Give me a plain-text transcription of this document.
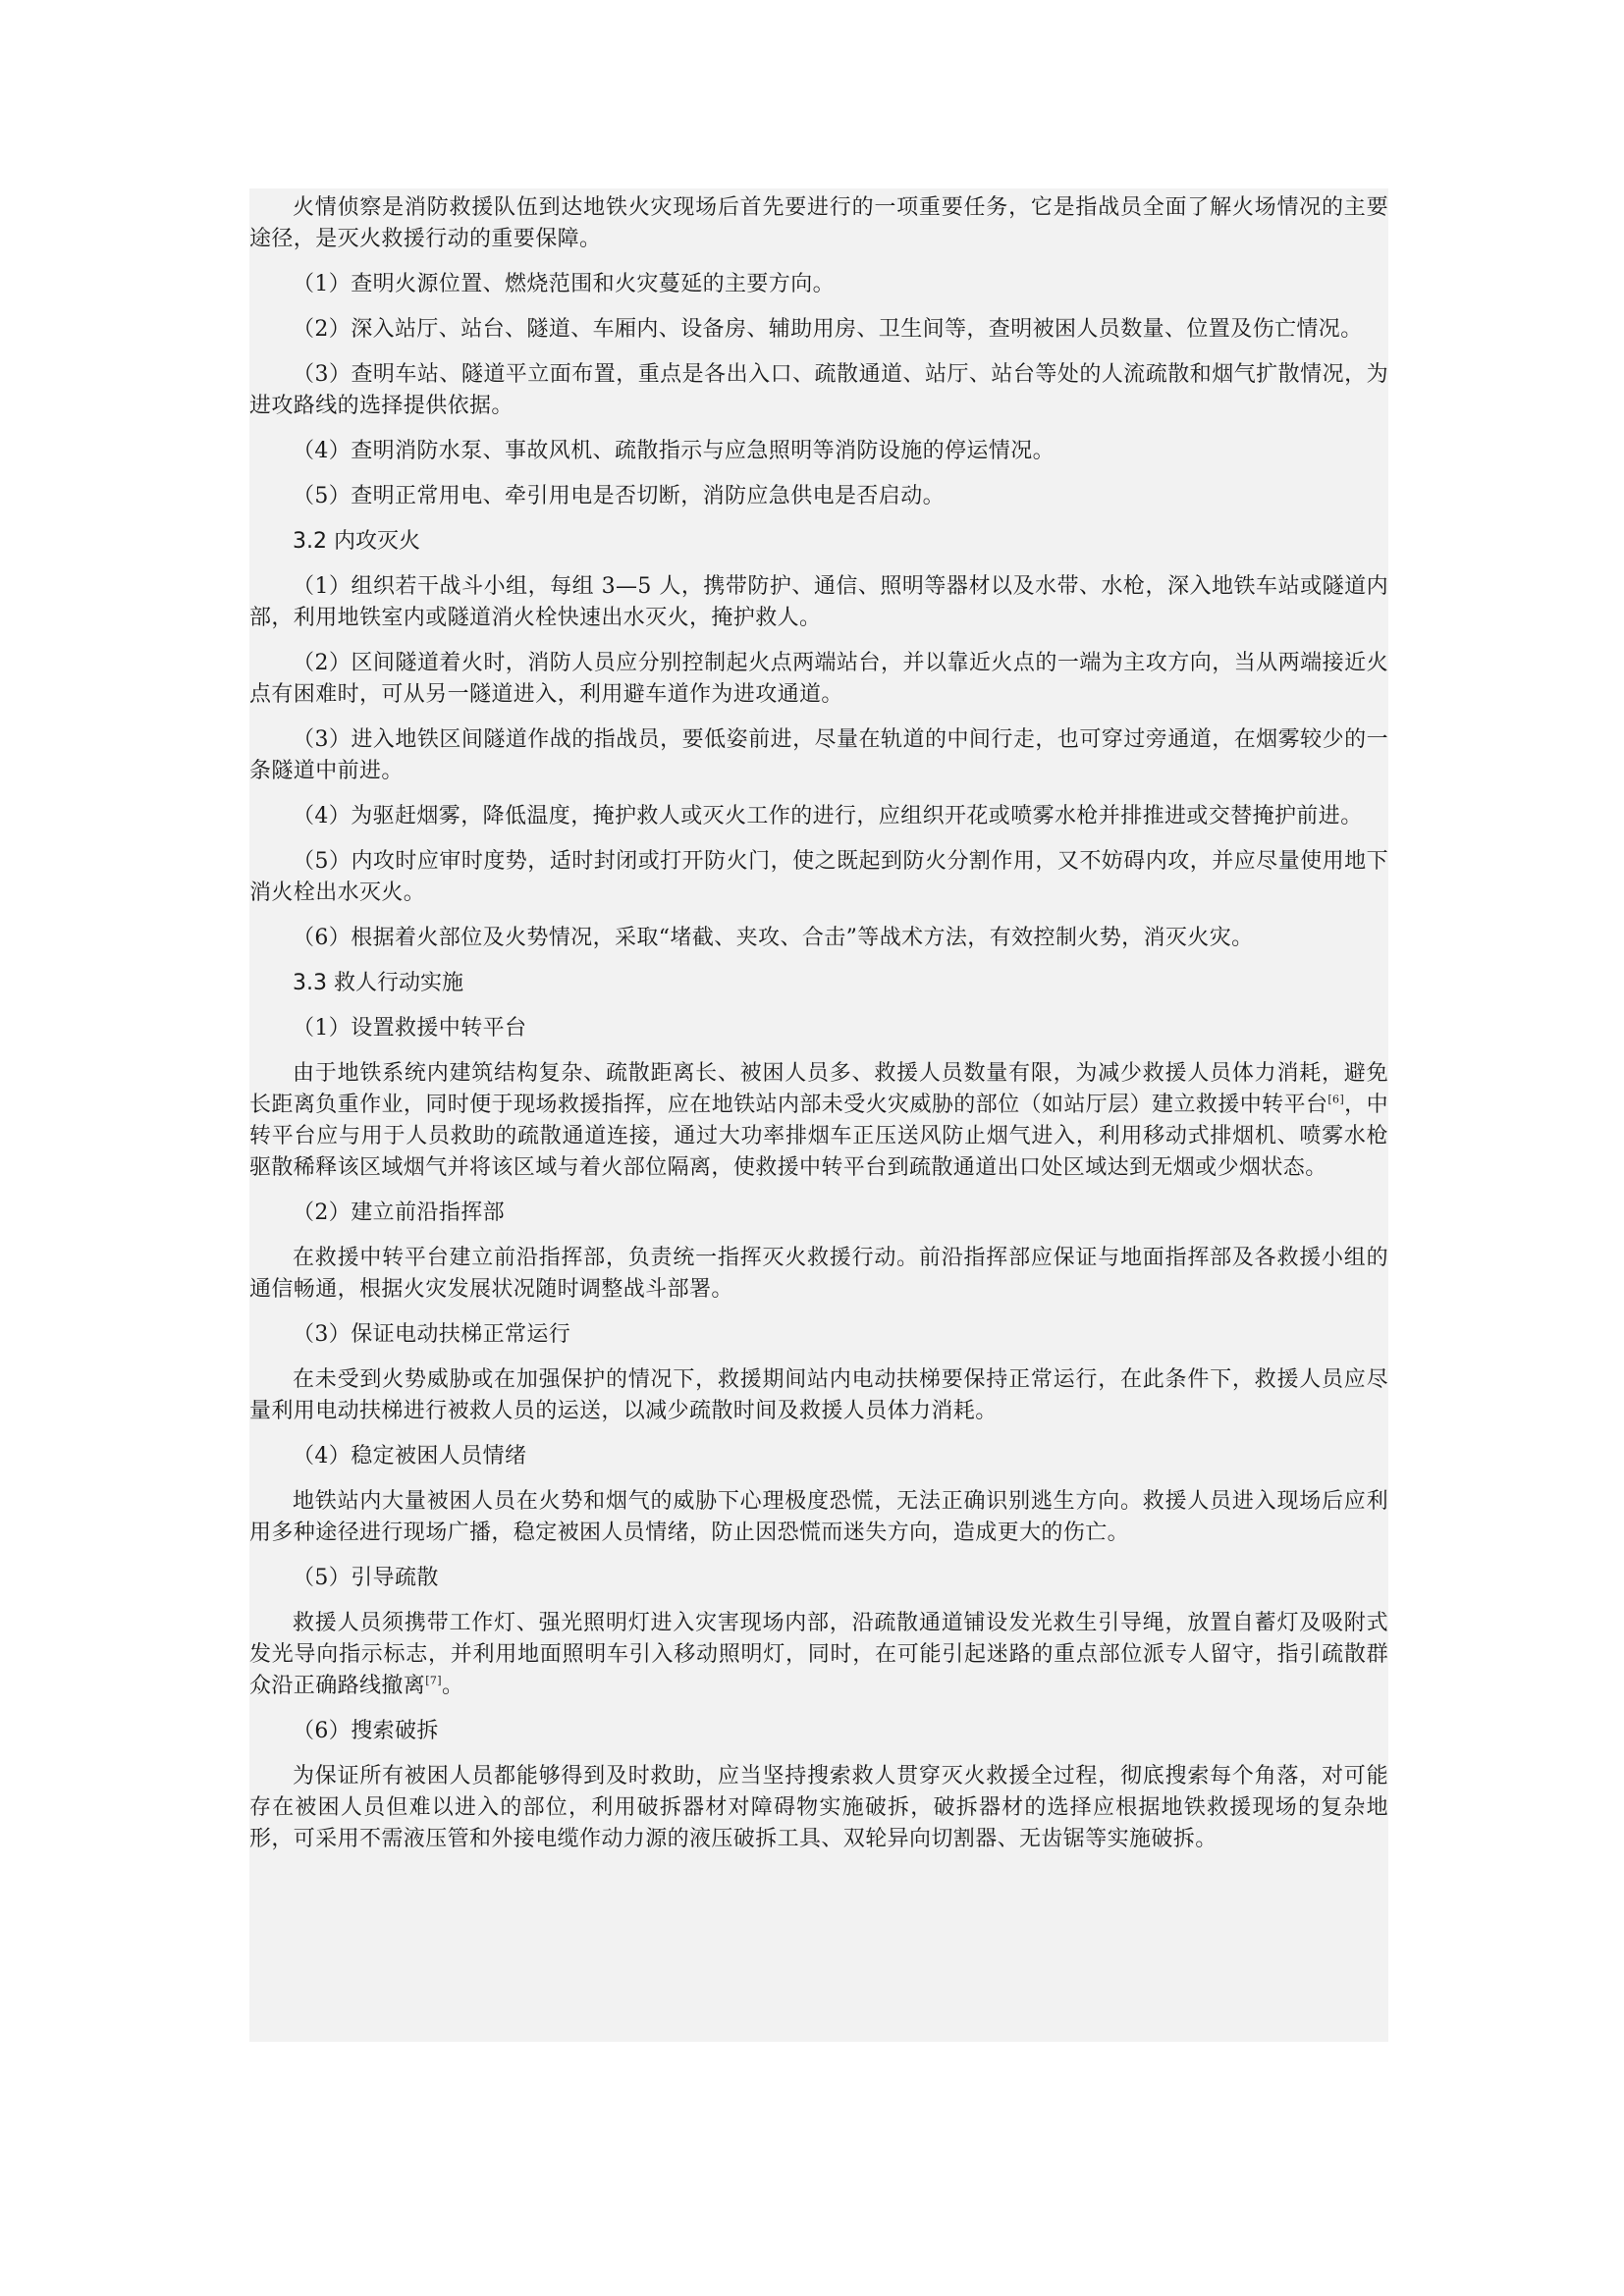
火情侦察是消防救援队伍到达地铁火灾现场后首先要进行的一项重要任务，它是指战员全面了解火场情况的主要途径，是灭火救援行动的重要保障。

（1）查明火源位置、燃烧范围和火灾蔓延的主要方向。

（2）深入站厅、站台、隧道、车厢内、设备房、辅助用房、卫生间等，查明被困人员数量、位置及伤亡情况。

（3）查明车站、隧道平立面布置，重点是各出入口、疏散通道、站厅、站台等处的人流疏散和烟气扩散情况，为进攻路线的选择提供依据。

（4）查明消防水泵、事故风机、疏散指示与应急照明等消防设施的停运情况。

（5）查明正常用电、牵引用电是否切断，消防应急供电是否启动。

3.2 内攻灭火

（1）组织若干战斗小组，每组 3—5 人，携带防护、通信、照明等器材以及水带、水枪，深入地铁车站或隧道内部，利用地铁室内或隧道消火栓快速出水灭火，掩护救人。

（2）区间隧道着火时，消防人员应分别控制起火点两端站台，并以靠近火点的一端为主攻方向，当从两端接近火点有困难时，可从另一隧道进入，利用避车道作为进攻通道。

（3）进入地铁区间隧道作战的指战员，要低姿前进，尽量在轨道的中间行走，也可穿过旁通道，在烟雾较少的一条隧道中前进。

（4）为驱赶烟雾，降低温度，掩护救人或灭火工作的进行，应组织开花或喷雾水枪并排推进或交替掩护前进。

（5）内攻时应审时度势，适时封闭或打开防火门，使之既起到防火分割作用，又不妨碍内攻，并应尽量使用地下消火栓出水灭火。

（6）根据着火部位及火势情况，采取“堵截、夹攻、合击”等战术方法，有效控制火势，消灭火灾。

3.3 救人行动实施

（1）设置救援中转平台

由于地铁系统内建筑结构复杂、疏散距离长、被困人员多、救援人员数量有限，为减少救援人员体力消耗，避免长距离负重作业，同时便于现场救援指挥，应在地铁站内部未受火灾威胁的部位（如站厅层）建立救援中转平台[6]，中转平台应与用于人员救助的疏散通道连接，通过大功率排烟车正压送风防止烟气进入，利用移动式排烟机、喷雾水枪驱散稀释该区域烟气并将该区域与着火部位隔离，使救援中转平台到疏散通道出口处区域达到无烟或少烟状态。

（2）建立前沿指挥部

在救援中转平台建立前沿指挥部，负责统一指挥灭火救援行动。前沿指挥部应保证与地面指挥部及各救援小组的通信畅通，根据火灾发展状况随时调整战斗部署。

（3）保证电动扶梯正常运行

在未受到火势威胁或在加强保护的情况下，救援期间站内电动扶梯要保持正常运行，在此条件下，救援人员应尽量利用电动扶梯进行被救人员的运送，以减少疏散时间及救援人员体力消耗。

（4）稳定被困人员情绪

地铁站内大量被困人员在火势和烟气的威胁下心理极度恐慌，无法正确识别逃生方向。救援人员进入现场后应利用多种途径进行现场广播，稳定被困人员情绪，防止因恐慌而迷失方向，造成更大的伤亡。

（5）引导疏散

救援人员须携带工作灯、强光照明灯进入灾害现场内部，沿疏散通道铺设发光救生引导绳，放置自蓄灯及吸附式发光导向指示标志，并利用地面照明车引入移动照明灯，同时，在可能引起迷路的重点部位派专人留守，指引疏散群众沿正确路线撤离[7]。

（6）搜索破拆

为保证所有被困人员都能够得到及时救助，应当坚持搜索救人贯穿灭火救援全过程，彻底搜索每个角落，对可能存在被困人员但难以进入的部位，利用破拆器材对障碍物实施破拆，破拆器材的选择应根据地铁救援现场的复杂地形，可采用不需液压管和外接电缆作动力源的液压破拆工具、双轮异向切割器、无齿锯等实施破拆。
